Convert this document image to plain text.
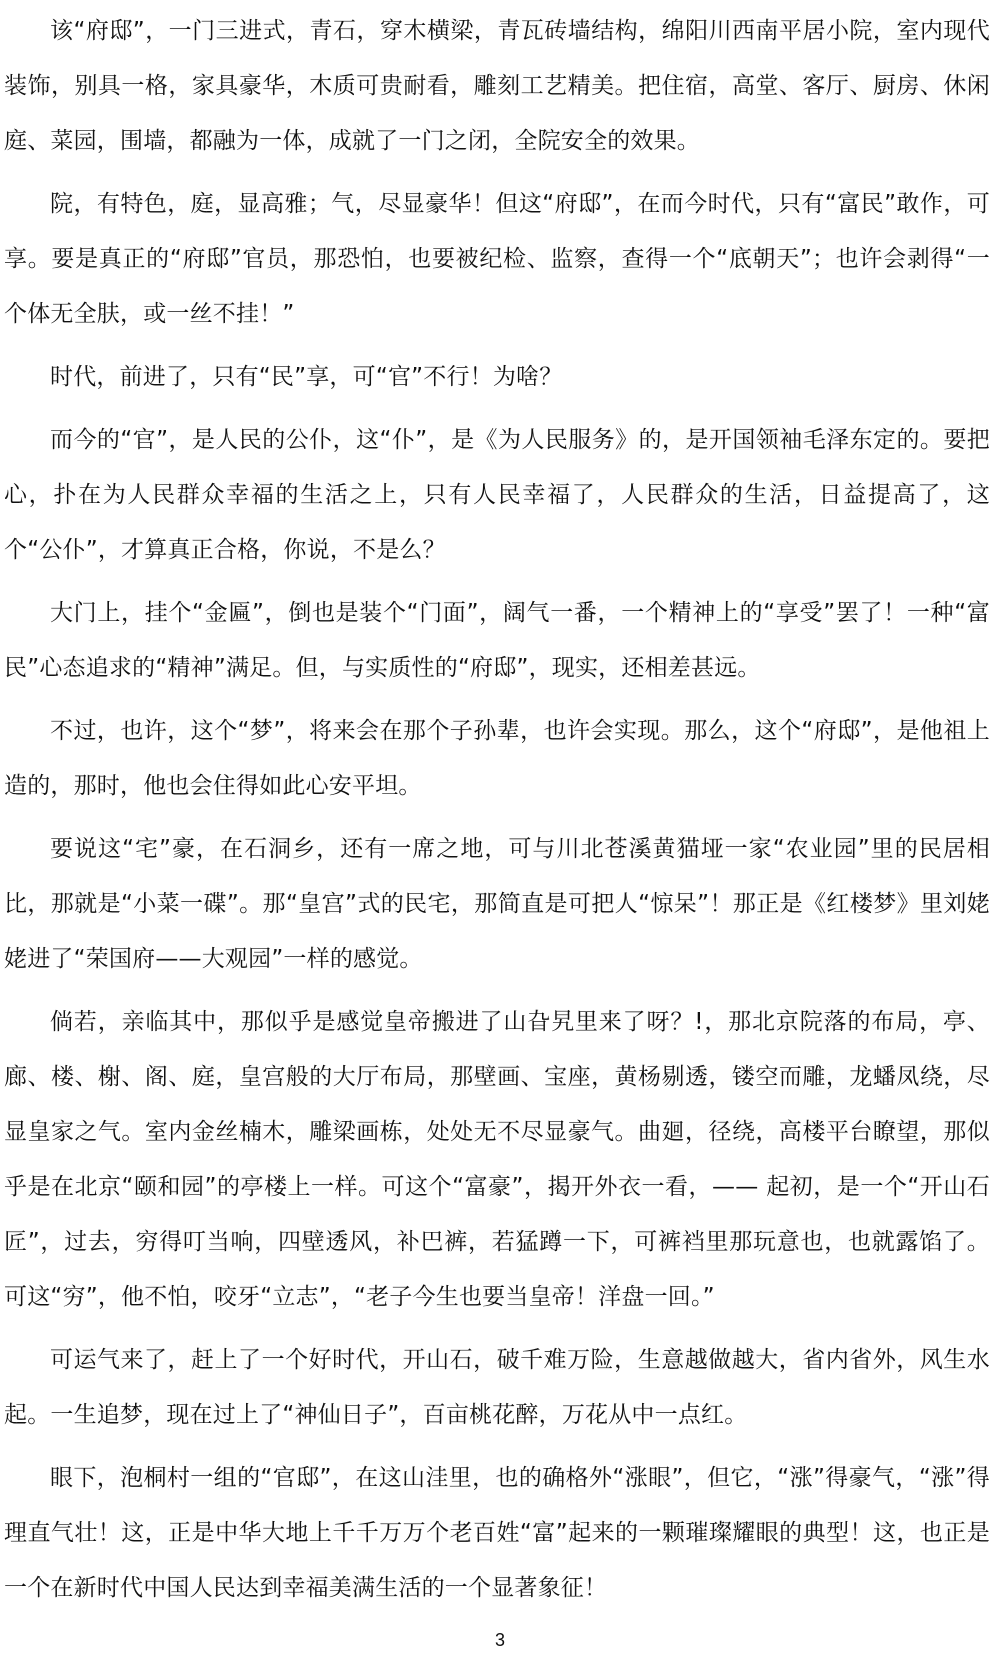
该“府邸”，一门三进式，青石，穿木横梁，青瓦砖墙结构，绵阳川西南平居小院，室内现代装饰，别具一格，家具豪华，木质可贵耐看，雕刻工艺精美。把住宿，高堂、客厅、厨房、休闲庭、菜园，围墙，都融为一体，成就了一门之闭，全院安全的效果。

院，有特色，庭，显高雅；气，尽显豪华！但这“府邸”，在而今时代，只有“富民”敢作，可享。要是真正的“府邸”官员，那恐怕，也要被纪检、监察，查得一个“底朝天”；也许会剥得“一个体无全肤，或一丝不挂！”

时代，前进了，只有“民”享，可“官”不行！为啥？

而今的“官”，是人民的公仆，这“仆”，是《为人民服务》的，是开国领袖毛泽东定的。要把心，扑在为人民群众幸福的生活之上，只有人民幸福了，人民群众的生活，日益提高了，这个“公仆”，才算真正合格，你说，不是么？

大门上，挂个“金匾”，倒也是装个“门面”，阔气一番，一个精神上的“享受”罢了！一种“富民”心态追求的“精神”满足。但，与实质性的“府邸”，现实，还相差甚远。

不过，也许，这个“梦”，将来会在那个子孙辈，也许会实现。那么，这个“府邸”，是他祖上造的，那时，他也会住得如此心安平坦。

要说这“宅”豪，在石洞乡，还有一席之地，可与川北苍溪黄猫垭一家“农业园”里的民居相比，那就是“小菜一碟”。那“皇宫”式的民宅，那简直是可把人“惊呆”！那正是《红楼梦》里刘姥姥进了“荣国府——大观园”一样的感觉。

倘若，亲临其中，那似乎是感觉皇帝搬进了山旮旯里来了呀？!，那北京院落的布局，亭、廊、楼、榭、阁、庭，皇宫般的大厅布局，那壁画、宝座，黄杨剔透，镂空而雕，龙蟠凤绕，尽显皇家之气。室内金丝楠木，雕梁画栋，处处无不尽显豪气。曲廻，径绕，高楼平台瞭望，那似乎是在北京“颐和园”的亭楼上一样。可这个“富豪”，揭开外衣一看，—— 起初，是一个“开山石匠”，过去，穷得叮当响，四壁透风，补巴裤，若猛蹲一下，可裤裆里那玩意也，也就露馅了。可这“穷”，他不怕，咬牙“立志”，“老子今生也要当皇帝！洋盘一回。”

可运气来了，赶上了一个好时代，开山石，破千难万险，生意越做越大，省内省外，风生水起。一生追梦，现在过上了“神仙日子”，百亩桃花醉，万花从中一点红。

眼下，泡桐村一组的“官邸”，在这山洼里，也的确格外“涨眼”，但它，“涨”得豪气，“涨”得理直气壮！这，正是中华大地上千千万万个老百姓“富”起来的一颗璀璨耀眼的典型！这，也正是一个在新时代中国人民达到幸福美满生活的一个显著象征！

3
